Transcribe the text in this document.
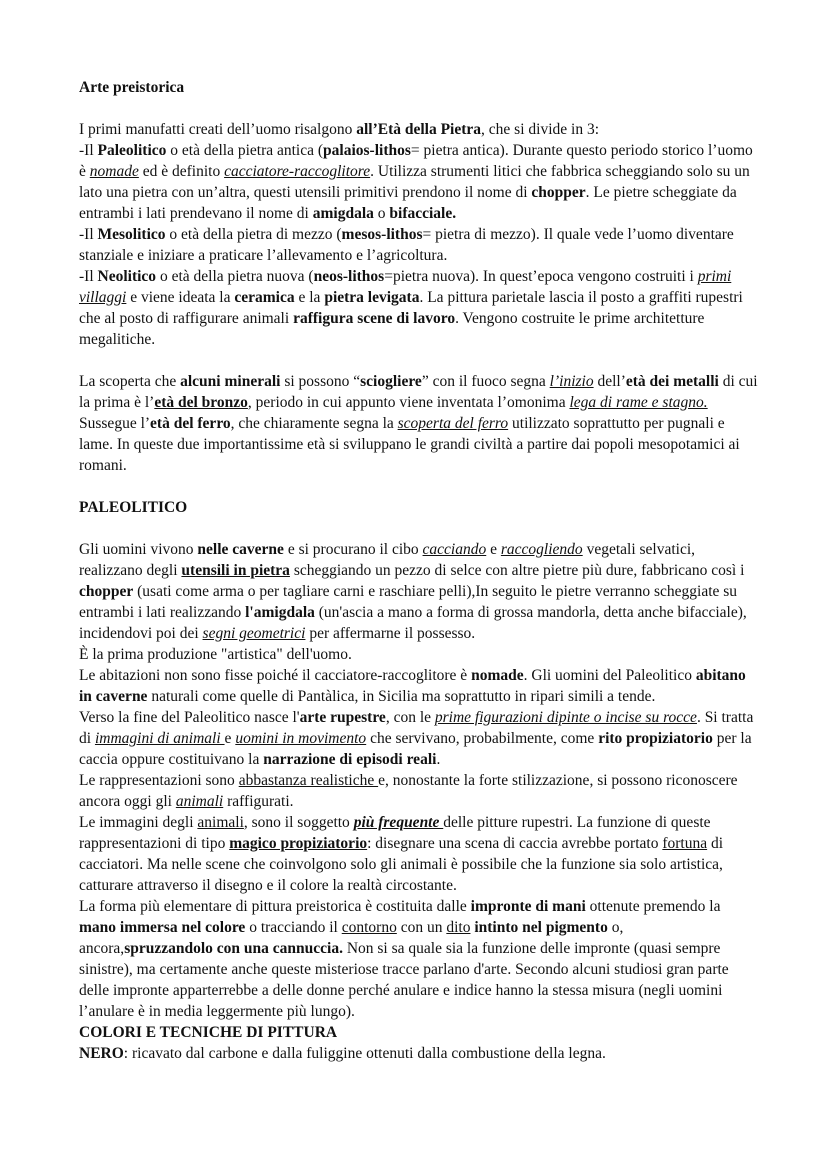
Arte preistorica

I primi manufatti creati dell’uomo risalgono all’Età della Pietra, che si divide in 3:

-Il Paleolitico o età della pietra antica (palaios-lithos= pietra antica). Durante questo periodo storico l’uomo è nomade ed è definito cacciatore-raccoglitore. Utilizza strumenti litici che fabbrica scheggiando solo su un lato una pietra con un’altra, questi utensili primitivi prendono il nome di chopper. Le pietre scheggiate da entrambi i lati prendevano il nome di amigdala o bifacciale.

-Il Mesolitico o età della pietra di mezzo (mesos-lithos= pietra di mezzo). Il quale vede l’uomo diventare stanziale e iniziare a praticare l’allevamento e l’agricoltura.

-Il Neolitico o età della pietra nuova (neos-lithos=pietra nuova). In quest’epoca vengono costruiti i primi villaggi e viene ideata la ceramica e la pietra levigata. La pittura parietale lascia il posto a graffiti rupestri che al posto di raffigurare animali raffigura scene di lavoro. Vengono costruite le prime architetture megalitiche.

La scoperta che alcuni minerali si possono “sciogliere” con il fuoco segna l’inizio dell’età dei metalli di cui la prima è l’età del bronzo, periodo in cui appunto viene inventata l’omonima lega di rame e stagno. Sussegue l’età del ferro, che chiaramente segna la scoperta del ferro utilizzato soprattutto per pugnali e lame. In queste due importantissime età si sviluppano le grandi civiltà a partire dai popoli mesopotamici ai romani.

PALEOLITICO

Gli uomini vivono nelle caverne e si procurano il cibo cacciando e raccogliendo vegetali selvatici, realizzano degli utensili in pietra scheggiando un pezzo di selce con altre pietre più dure, fabbricano così i chopper (usati come arma o per tagliare carni e raschiare pelli),In seguito le pietre verranno scheggiate su entrambi i lati realizzando l'amigdala (un'ascia a mano a forma di grossa mandorla, detta anche bifacciale), incidendovi poi dei segni geometrici per affermarne il possesso.

È la prima produzione "artistica" dell'uomo.

Le abitazioni non sono fisse poiché il cacciatore-raccoglitore è nomade. Gli uomini del Paleolitico abitano in caverne naturali come quelle di Pantàlica, in Sicilia ma soprattutto in ripari simili a tende.

Verso la fine del Paleolitico nasce l'arte rupestre, con le prime figurazioni dipinte o incise su rocce. Si tratta di immagini di animali e uomini in movimento che servivano, probabilmente, come rito propiziatorio per la caccia oppure costituivano la narrazione di episodi reali.

Le rappresentazioni sono abbastanza realistiche e, nonostante la forte stilizzazione, si possono riconoscere ancora oggi gli animali raffigurati.

Le immagini degli animali, sono il soggetto più frequente delle pitture rupestri. La funzione di queste rappresentazioni di tipo magico propiziatorio: disegnare una scena di caccia avrebbe portato fortuna di cacciatori. Ma nelle scene che coinvolgono solo gli animali è possibile che la funzione sia solo artistica, catturare attraverso il disegno e il colore la realtà circostante.

La forma più elementare di pittura preistorica è costituita dalle impronte di mani ottenute premendo la mano immersa nel colore o tracciando il contorno con un dito intinto nel pigmento o, ancora,spruzzandolo con una cannuccia. Non si sa quale sia la funzione delle impronte (quasi sempre sinistre), ma certamente anche queste misteriose tracce parlano d'arte. Secondo alcuni studiosi gran parte delle impronte apparterrebbe a delle donne perché anulare e indice hanno la stessa misura (negli uomini l’anulare è in media leggermente più lungo).

COLORI E TECNICHE DI PITTURA

NERO: ricavato dal carbone e dalla fuliggine ottenuti dalla combustione della legna.
